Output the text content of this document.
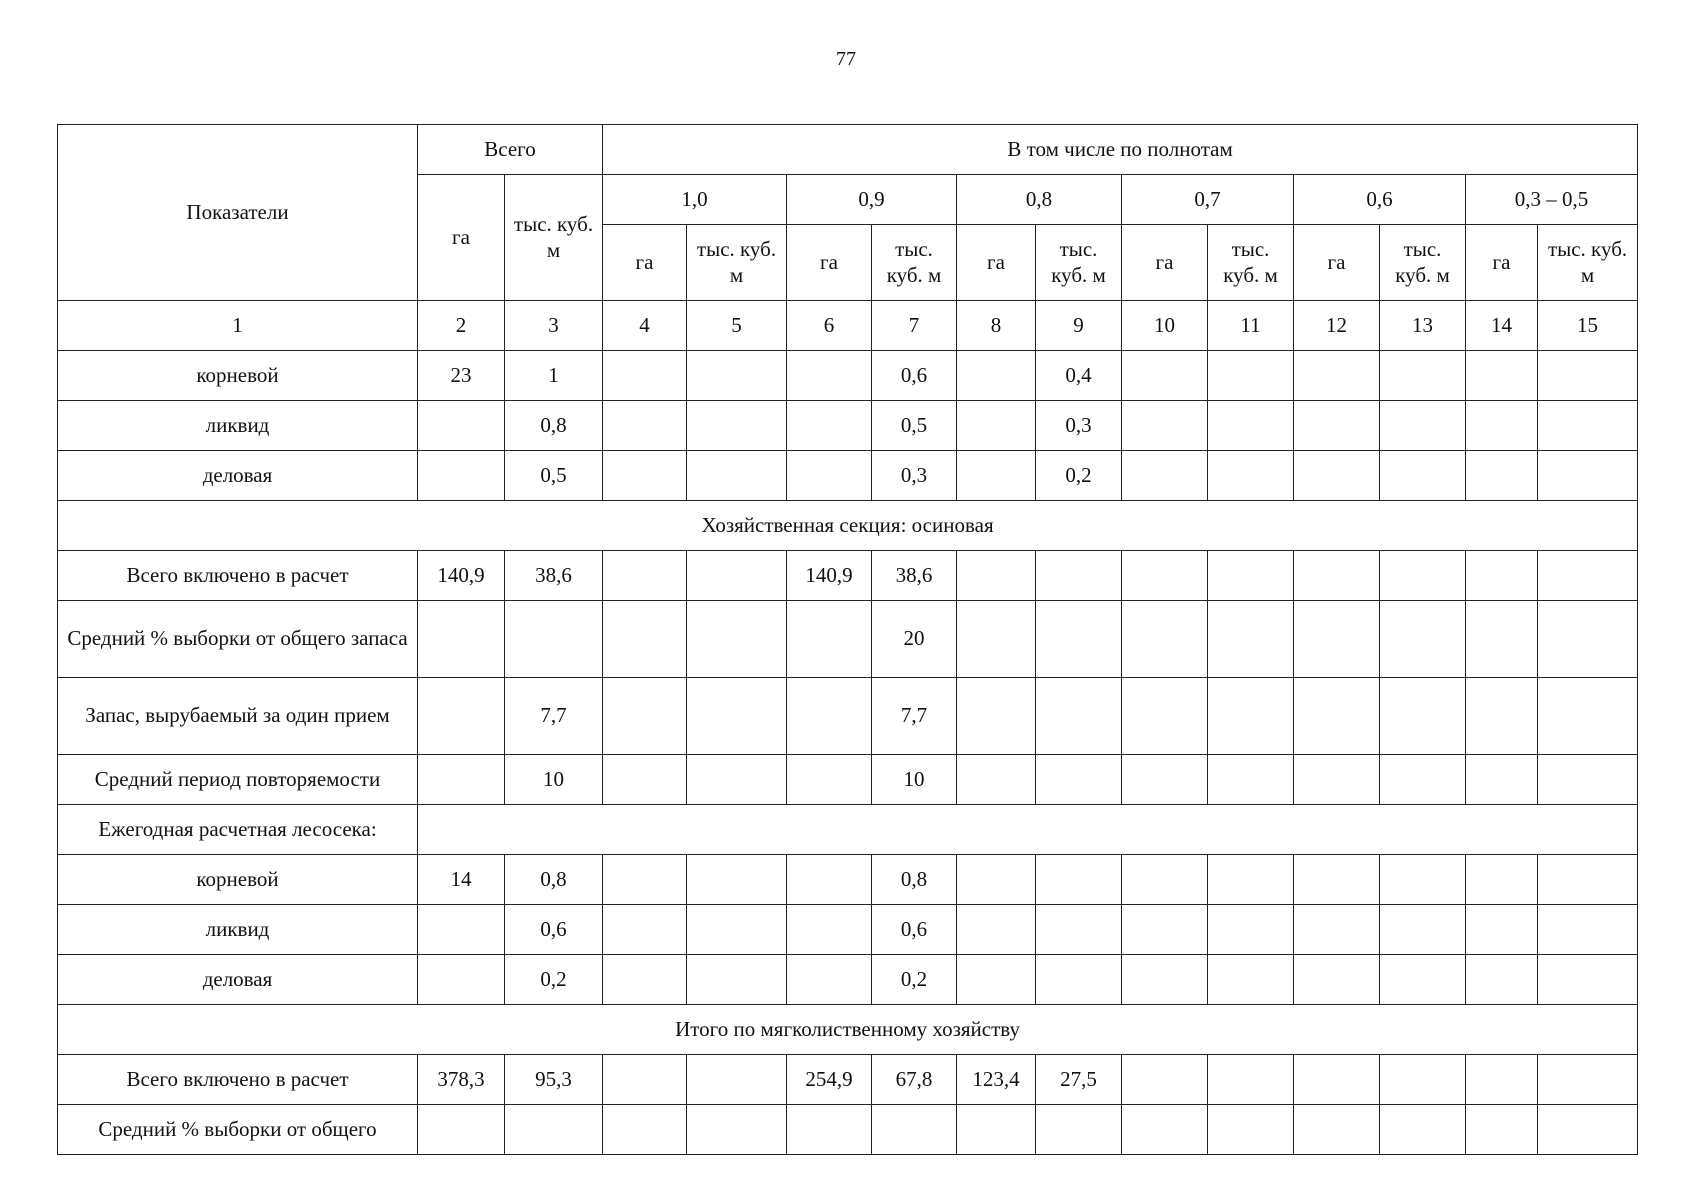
77
Показатели	Всего		В том числе по полнотам											
	га	тыс. куб. м	1,0		0,9		0,8		0,7		0,6		0,3 – 0,5	
			га	тыс. куб. м	га	тыс. куб. м	га	тыс. куб. м	га	тыс. куб. м	га	тыс. куб. м	га	тыс. куб. м
1	2	3	4	5	6	7	8	9	10	11	12	13	14	15
корневой	23	1				0,6		0,4						
ликвид		0,8				0,5		0,3						
деловая		0,5				0,3		0,2						
Хозяйственная секция: осиновая														
Всего включено в расчет	140,9	38,6			140,9	38,6								
Средний % выборки от общего запаса						20								
Запас, вырубаемый за один прием		7,7				7,7								
Средний период повторяемости		10				10								
Ежегодная расчетная лесосека:														
корневой	14	0,8				0,8								
ликвид		0,6				0,6								
деловая		0,2				0,2								
Итого по мягколиственному хозяйству														
Всего включено в расчет	378,3	95,3			254,9	67,8	123,4	27,5						
Средний % выборки от общего														
